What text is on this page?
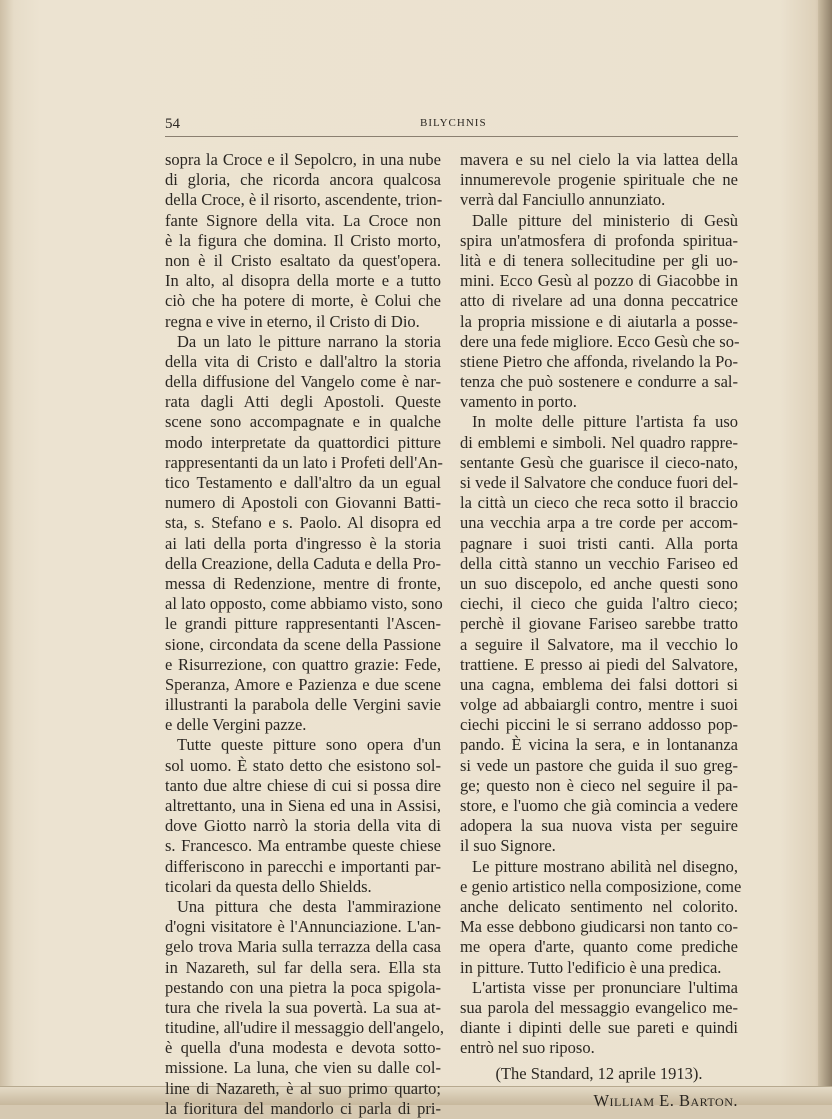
54	BILYCHNIS
sopra la Croce e il Sepolcro, in una nube
di gloria, che ricorda ancora qualcosa
della Croce, è il risorto, ascendente, trion-
fante Signore della vita. La Croce non
è la figura che domina. Il Cristo morto,
non è il Cristo esaltato da quest'opera.
In alto, al disopra della morte e a tutto
ciò che ha potere di morte, è Colui che
regna e vive in eterno, il Cristo di Dio.
Da un lato le pitture narrano la storia
della vita di Cristo e dall'altro la storia
della diffusione del Vangelo come è nar-
rata dagli Atti degli Apostoli. Queste
scene sono accompagnate e in qualche
modo interpretate da quattordici pitture
rappresentanti da un lato i Profeti dell'An-
tico Testamento e dall'altro da un egual
numero di Apostoli con Giovanni Batti-
sta, s. Stefano e s. Paolo. Al disopra ed
ai lati della porta d'ingresso è la storia
della Creazione, della Caduta e della Pro-
messa di Redenzione, mentre di fronte,
al lato opposto, come abbiamo visto, sono
le grandi pitture rappresentanti l'Ascen-
sione, circondata da scene della Passione
e Risurrezione, con quattro grazie: Fede,
Speranza, Amore e Pazienza e due scene
illustranti la parabola delle Vergini savie
e delle Vergini pazze.
Tutte queste pitture sono opera d'un
sol uomo. È stato detto che esistono sol-
tanto due altre chiese di cui si possa dire
altrettanto, una in Siena ed una in Assisi,
dove Giotto narrò la storia della vita di
s. Francesco. Ma entrambe queste chiese
differiscono in parecchi e importanti par-
ticolari da questa dello Shields.
Una pittura che desta l'ammirazione
d'ogni visitatore è l'Annunciazione. L'an-
gelo trova Maria sulla terrazza della casa
in Nazareth, sul far della sera. Ella sta
pestando con una pietra la poca spigola-
tura che rivela la sua povertà. La sua at-
titudine, all'udire il messaggio dell'angelo,
è quella d'una modesta e devota sotto-
missione. La luna, che vien su dalle col-
line di Nazareth, è al suo primo quarto;
la fioritura del mandorlo ci parla di pri-
mavera e su nel cielo la via lattea della
innumerevole progenie spirituale che ne
verrà dal Fanciullo annunziato.
Dalle pitture del ministerio di Gesù
spira un'atmosfera di profonda spiritua-
lità e di tenera sollecitudine per gli uo-
mini. Ecco Gesù al pozzo di Giacobbe in
atto di rivelare ad una donna peccatrice
la propria missione e di aiutarla a posse-
dere una fede migliore. Ecco Gesù che so-
stiene Pietro che affonda, rivelando la Po-
tenza che può sostenere e condurre a sal-
vamento in porto.
In molte delle pitture l'artista fa uso
di emblemi e simboli. Nel quadro rappre-
sentante Gesù che guarisce il cieco-nato,
si vede il Salvatore che conduce fuori del-
la città un cieco che reca sotto il braccio
una vecchia arpa a tre corde per accom-
pagnare i suoi tristi canti. Alla porta
della città stanno un vecchio Fariseo ed
un suo discepolo, ed anche questi sono
ciechi, il cieco che guida l'altro cieco;
perchè il giovane Fariseo sarebbe tratto
a seguire il Salvatore, ma il vecchio lo
trattiene. E presso ai piedi del Salvatore,
una cagna, emblema dei falsi dottori si
volge ad abbaiargli contro, mentre i suoi
ciechi piccini le si serrano addosso pop-
pando. È vicina la sera, e in lontananza
si vede un pastore che guida il suo greg-
ge; questo non è cieco nel seguire il pa-
store, e l'uomo che già comincia a vedere
adopera la sua nuova vista per seguire
il suo Signore.
Le pitture mostrano abilità nel disegno,
e genio artistico nella composizione, come
anche delicato sentimento nel colorito.
Ma esse debbono giudicarsi non tanto co-
me opera d'arte, quanto come prediche
in pitture. Tutto l'edificio è una predica.
L'artista visse per pronunciare l'ultima
sua parola del messaggio evangelico me-
diante i dipinti delle sue pareti e quindi
entrò nel suo riposo.
(The Standard, 12 aprile 1913).
William E. Barton.
